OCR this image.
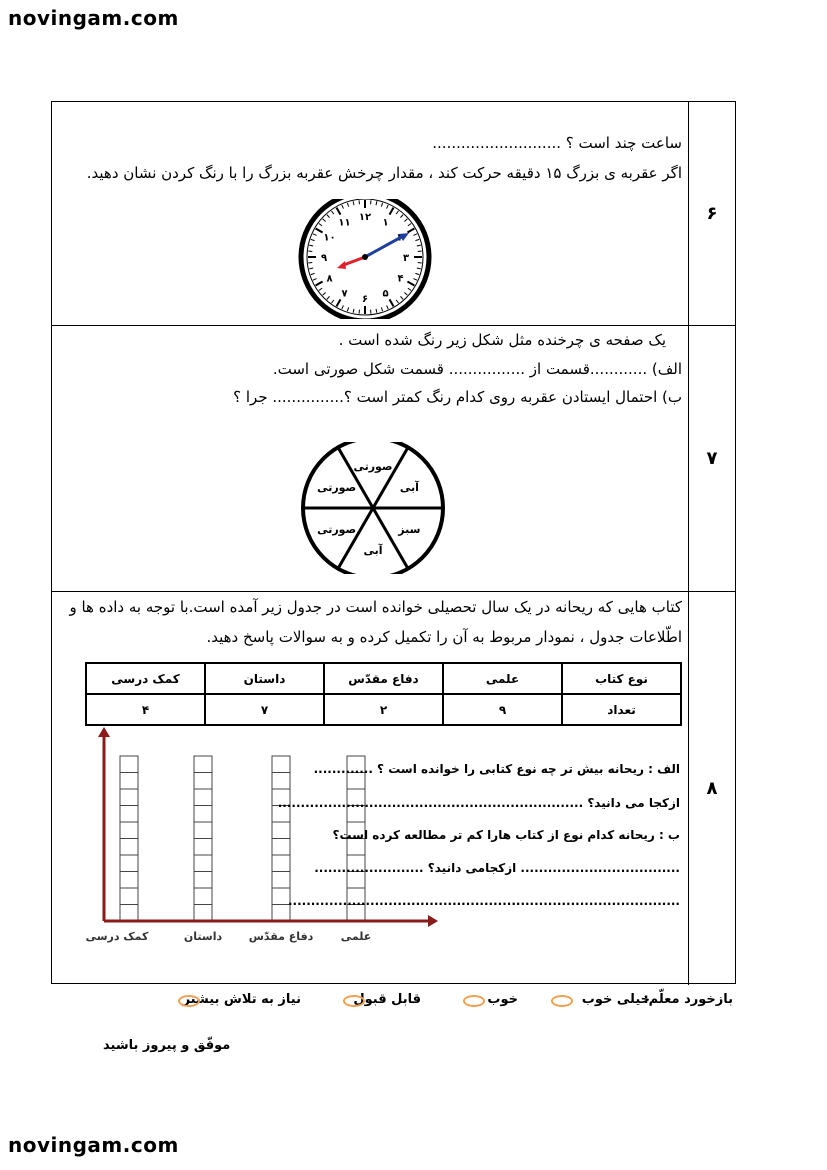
novingam.com
ساعت چند است ؟ ...........................
اگر عقربه ی بزرگ ۱۵ دقیقه حرکت کند ، مقدار چرخش عقربه بزرگ را با رنگ کردن نشان دهید.
۱۲ ۱
۳
۴
۵
۶
۷
۸
۹
۱۰
۱۱	۶
یک صفحه ی چرخنده مثل شکل زیر رنگ شده است .
الف) ............قسمت از ................ قسمت شکل صورتی است.
ب) احتمال ایستادن عقربه روی کدام رنگ کمتر است ؟............... جرا ؟
صورتی
آبی
سبز
آبی
صورتی
صورتی
۷
کتاب هایی که ریحانه در یک سال تحصیلی خوانده است در جدول زیر آمده است.با توجه به داده ها و
اطّلاعات جدول ، نمودار مربوط به آن را تکمیل کرده و به سوالات پاسخ دهید.
نوع کتاب	علمی	دفاع مقدّس	داستان	کمک درسی
تعداد	۹	۲	۷	۴
کمک درسی	داستان دفاع مقدّس علمی
الف : ریحانه بیش تر چه نوع کتابی را خوانده است ؟ .............
ازکجا می دانید؟ ...................................................................
ب : ریحانه کدام نوع از کتاب هارا کم تر مطالعه کرده است؟
................................... ازکجامی دانید؟ ........................
......................................................................................
۸
بازخورد معلّم:
خیلی خوب
خوب
قابل قبول
نیاز به تلاش بیشتر
موفّق و پیروز باشید
novingam.com
